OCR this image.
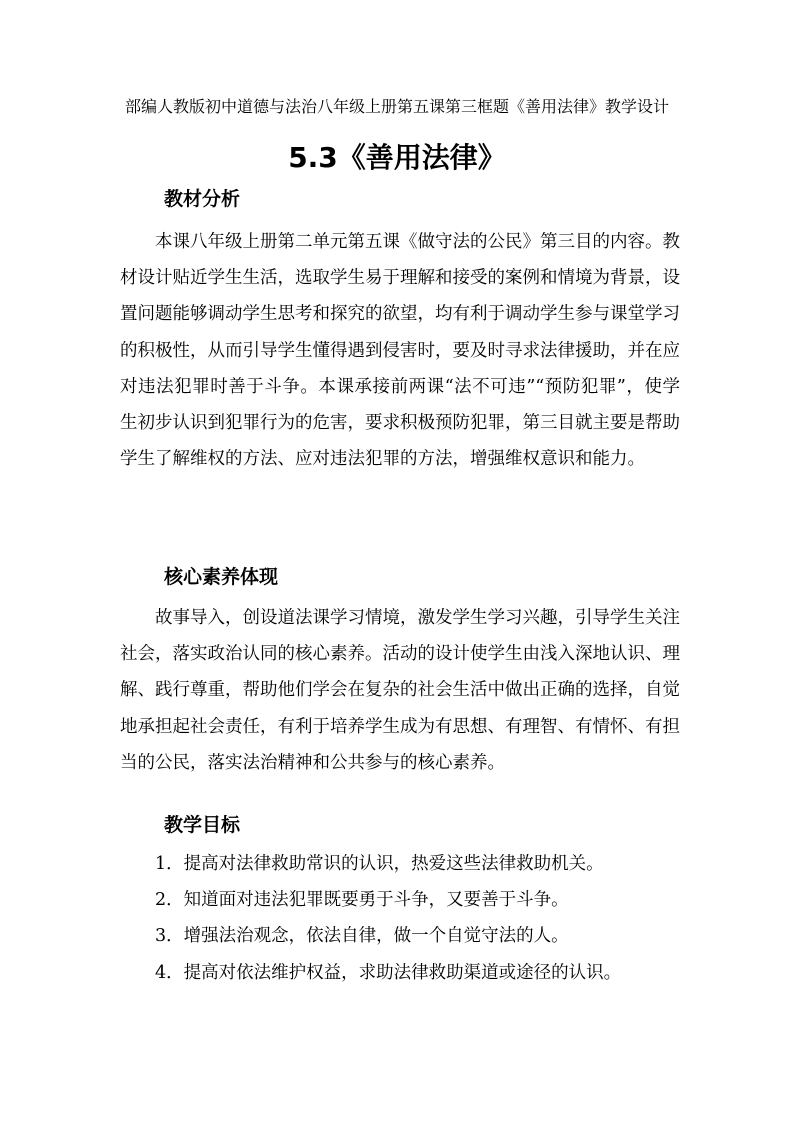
部编人教版初中道德与法治八年级上册第五课第三框题《善用法律》教学设计
5.3《善用法律》
教材分析
本课八年级上册第二单元第五课《做守法的公民》第三目的内容。教材设计贴近学生生活，选取学生易于理解和接受的案例和情境为背景，设置问题能够调动学生思考和探究的欲望，均有利于调动学生参与课堂学习的积极性，从而引导学生懂得遇到侵害时，要及时寻求法律援助，并在应对违法犯罪时善于斗争。本课承接前两课“法不可违”“预防犯罪”，使学生初步认识到犯罪行为的危害，要求积极预防犯罪，第三目就主要是帮助学生了解维权的方法、应对违法犯罪的方法，增强维权意识和能力。
核心素养体现
故事导入，创设道法课学习情境，激发学生学习兴趣，引导学生关注社会，落实政治认同的核心素养。活动的设计使学生由浅入深地认识、理解、践行尊重，帮助他们学会在复杂的社会生活中做出正确的选择，自觉地承担起社会责任，有利于培养学生成为有思想、有理智、有情怀、有担当的公民，落实法治精神和公共参与的核心素养。
教学目标
1．提高对法律救助常识的认识，热爱这些法律救助机关。
2．知道面对违法犯罪既要勇于斗争，又要善于斗争。
3．增强法治观念，依法自律，做一个自觉守法的人。
4．提高对依法维护权益，求助法律救助渠道或途径的认识。
